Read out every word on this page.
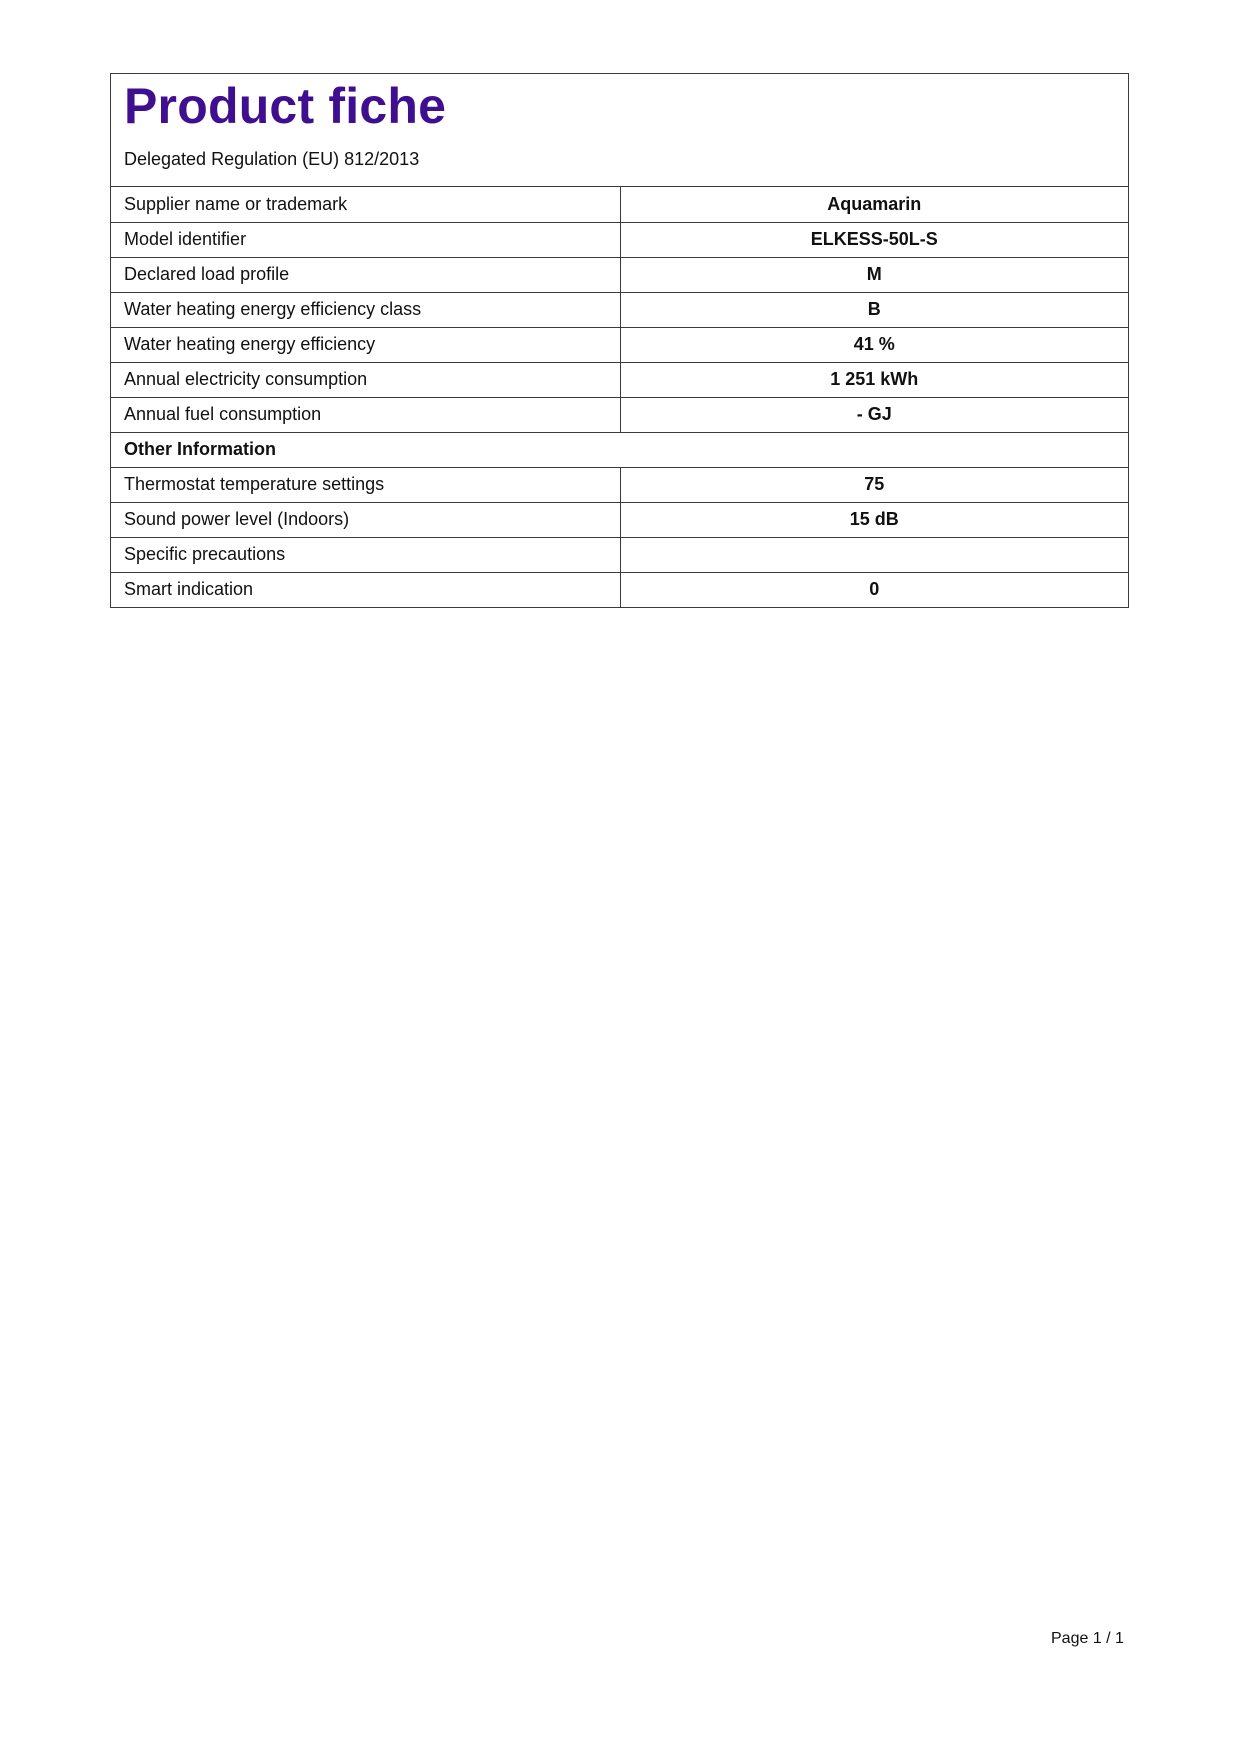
Product fiche

Delegated Regulation (EU) 812/2013

Supplier name or trademark	Aquamarin
Model identifier	ELKESS-50L-S
Declared load profile	M
Water heating energy efficiency class	B
Water heating energy efficiency	41 %
Annual electricity consumption	1 251 kWh
Annual fuel consumption	- GJ
Other Information	
Thermostat temperature settings	75
Sound power level (Indoors)	15 dB
Specific precautions	
Smart indication	0

Page 1 / 1
